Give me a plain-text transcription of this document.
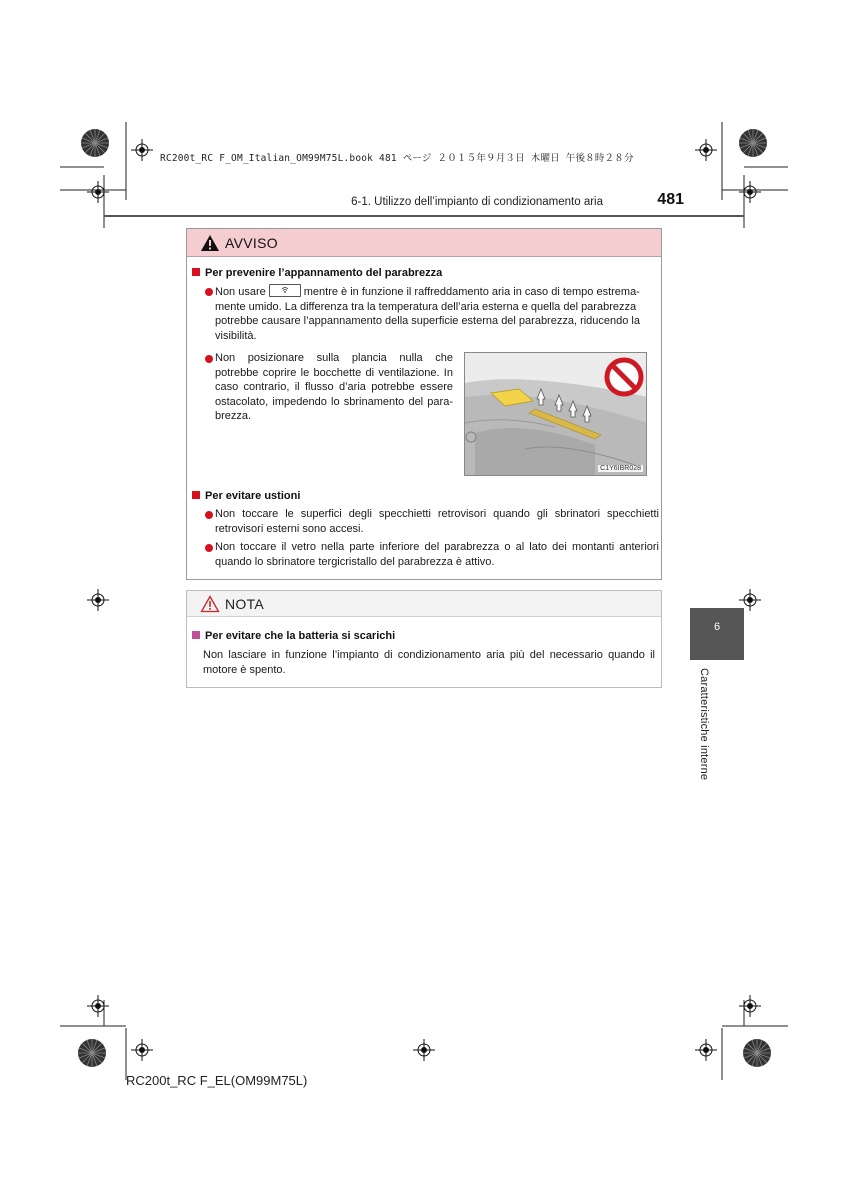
RC200t_RC F_OM_Italian_OM99M75L.book 481 ページ ２０１５年９月３日 木曜日 午後８時２８分
6-1. Utilizzo dell’impianto di condizionamento aria	481
AVVISO
Per prevenire l’appannamento del parabrezza
Non usare	mentre è in funzione il raffreddamento aria in caso di tempo estrema-
mente umido. La differenza tra la temperatura dell’aria esterna e quella del parabrezza
potrebbe causare l’appannamento della superficie esterna del parabrezza, riducendo la
visibilità.
Non posizionare sulla plancia nulla che
potrebbe coprire le bocchette di ventilazione. In
caso contrario, il flusso d’aria potrebbe essere
ostacolato, impedendo lo sbrinamento del para-
brezza.
Per evitare ustioni
Non toccare le superfici degli specchietti retrovisori quando gli sbrinatori specchietti
retrovisori esterni sono accesi.
Non toccare il vetro nella parte inferiore del parabrezza o al lato dei montanti anteriori
quando lo sbrinatore tergicristallo del parabrezza è attivo.
C1Y6IBR028
NOTA
Per evitare che la batteria si scarichi
Non lasciare in funzione l’impianto di condizionamento aria più del necessario quando il
motore è spento.
6
Caratteristiche interne
RC200t_RC F_EL(OM99M75L)
